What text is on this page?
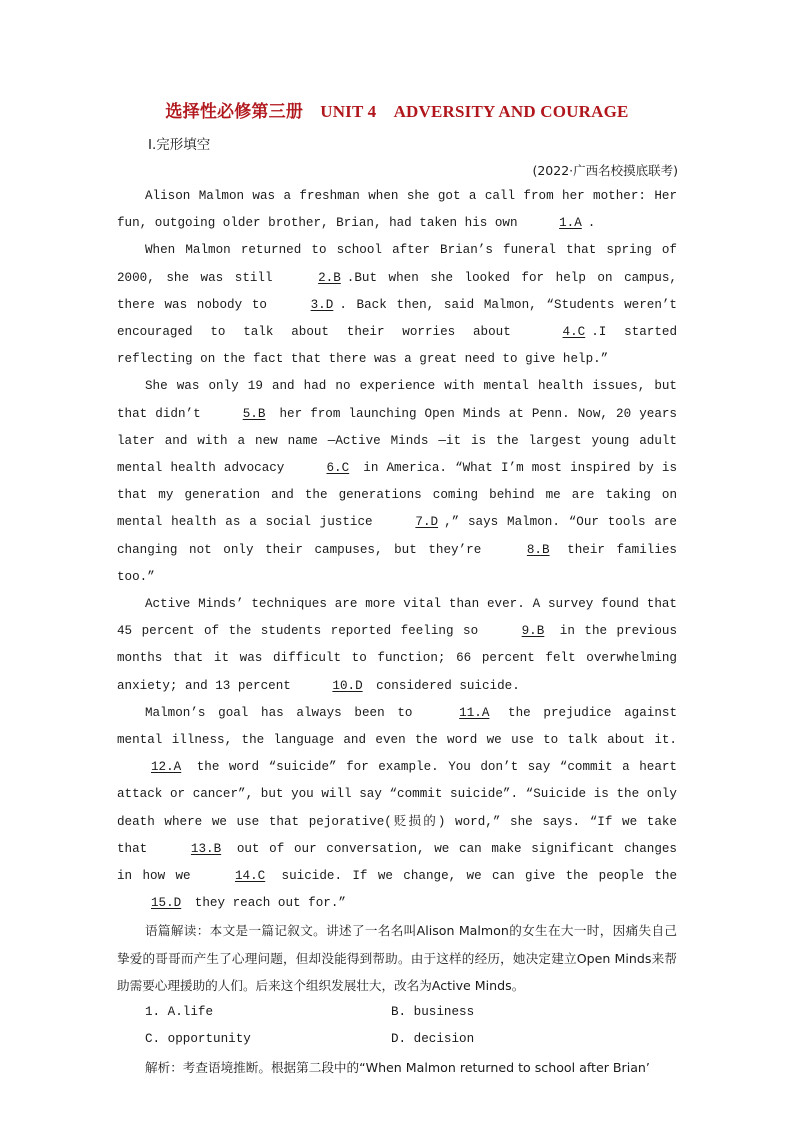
选择性必修第三册　UNIT 4　ADVERSITY AND COURAGE
Ⅰ.完形填空
(2022·广西名校摸底联考)

Alison Malmon was a freshman when she got a call from her mother: Her fun, outgoing older brother, Brian, had taken his own	1.A .

When Malmon returned to school after Brian’s funeral that spring of 2000, she was still	2.B .But when she looked for help on campus, there was nobody to	3.D . Back then, said Malmon, “Students weren’t encouraged to talk about their worries about	4.C .I started reflecting on the fact that there was a great need to give help.”

She was only 19 and had no experience with mental health issues, but that didn’t	5.B her from launching Open Minds at Penn. Now, 20 years later and with a new name —Active Minds —it is the largest young adult mental health advocacy	6.C in America. “What I’m most inspired by is that my generation and the generations coming behind me are taking on mental health as a social justice	7.D ,” says Malmon. “Our tools are changing not only their campuses, but they’re	8.B their families too.”

Active Minds’ techniques are more vital than ever. A survey found that 45 percent of the students reported feeling so	9.B in the previous months that it was difficult to function; 66 percent felt overwhelming anxiety; and 13 percent	10.D considered suicide.

Malmon’s goal has always been to	11.A the prejudice against mental illness, the language and even the word we use to talk about it. 12.A the word “suicide” for example. You don’t say “commit a heart attack or cancer”, but you will say “commit suicide”. “Suicide is the only death where we use that pejorative(贬损的) word,” she says. “If we take that	13.B out of our conversation, we can make significant changes in how we	14.C suicide. If we change, we can give the people the 15.D they reach out for.”

语篇解读：本文是一篇记叙文。讲述了一名名叫Alison Malmon的女生在大一时，因痛失自己挚爱的哥哥而产生了心理问题，但却没能得到帮助。由于这样的经历，她决定建立Open Minds来帮助需要心理援助的人们。后来这个组织发展壮大，改名为Active Minds。

1. A.life	B. business
C. opportunity	D. decision

解析：考查语境推断。根据第二段中的“When Malmon returned to school after Brian’
